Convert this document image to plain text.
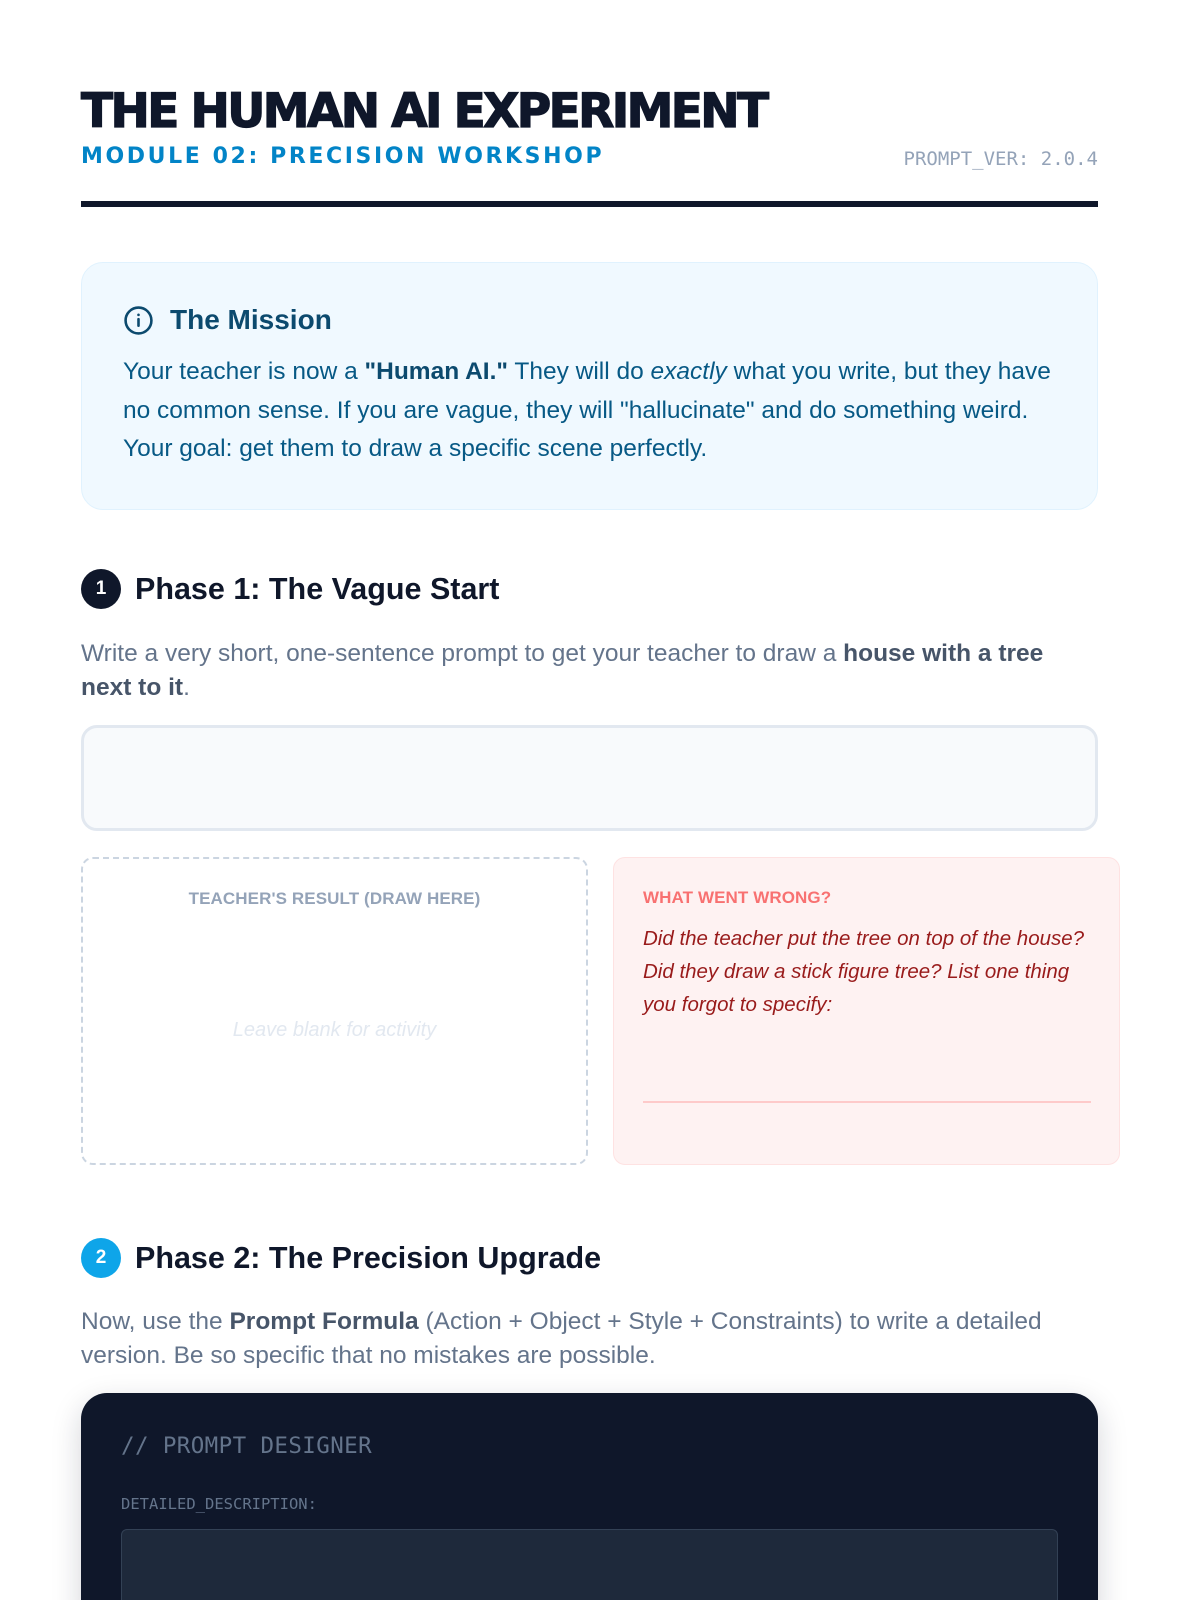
THE HUMAN AI EXPERIMENT
MODULE 02: PRECISION WORKSHOP	PROMPT_VER: 2.0.4
The Mission

Your teacher is now a "Human AI." They will do exactly what you write, but they have no common sense. If you are vague, they will "hallucinate" and do something weird. Your goal: get them to draw a specific scene perfectly.

1 Phase 1: The Vague Start

Write a very short, one-sentence prompt to get your teacher to draw a house with a tree next to it.

TEACHER'S RESULT (DRAW HERE)
Leave blank for activity
WHAT WENT WRONG?

Did the teacher put the tree on top of the house? Did they draw a stick figure tree? List one thing you forgot to specify:

2 Phase 2: The Precision Upgrade

Now, use the Prompt Formula (Action + Object + Style + Constraints) to write a detailed version. Be so specific that no mistakes are possible.

// PROMPT DESIGNER
DETAILED_DESCRIPTION:
